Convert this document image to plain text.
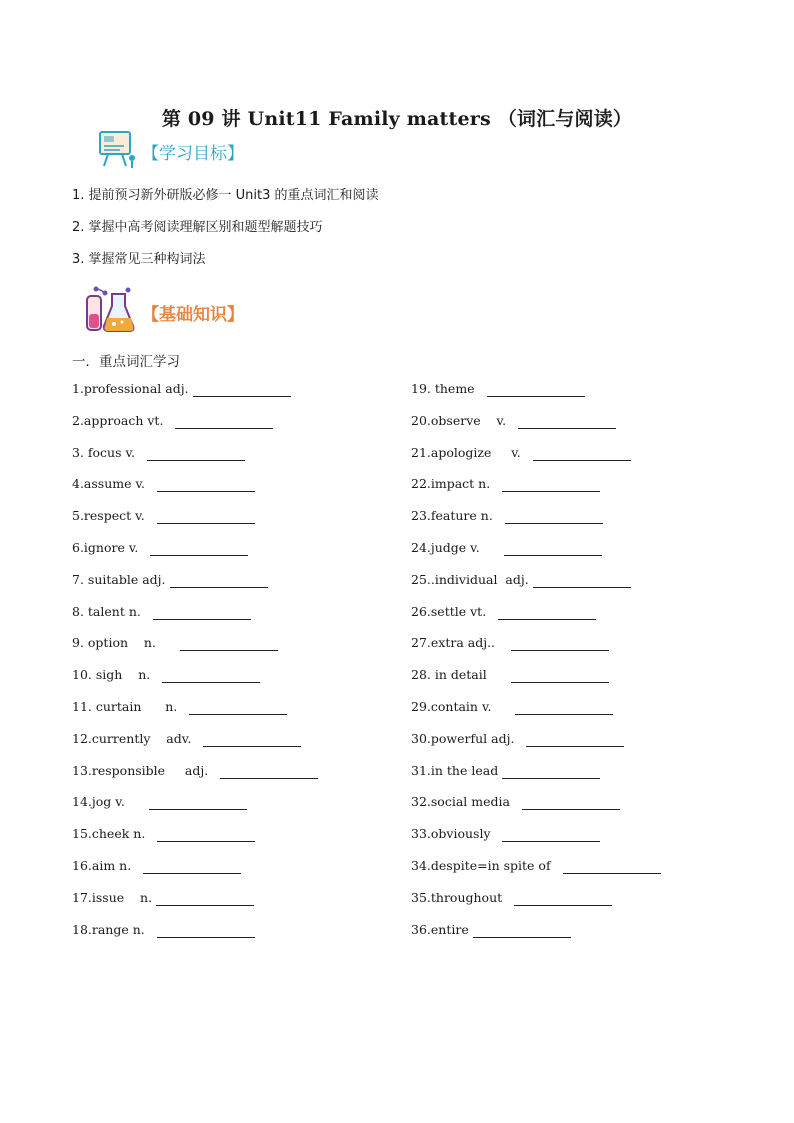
第 09 讲 Unit11 Family matters （词汇与阅读）
【学习目标】
1. 提前预习新外研版必修一 Unit3 的重点词汇和阅读
2. 掌握中高考阅读理解区别和题型解题技巧
3. 掌握常见三种构词法
【基础知识】
一．重点词汇学习
1.professional adj.
2.approach vt.
3. focus v.
4.assume v.
5.respect v.
6.ignore v.
7. suitable adj.
8. talent n.
9. option    n.
10. sigh    n.
11. curtain      n.
12.currently    adv.
13.responsible     adj.
14.jog v.
15.cheek n.
16.aim n.
17.issue    n.
18.range n.
19. theme
20.observe    v.
21.apologize     v.
22.impact n.
23.feature n.
24.judge v.
25..individual  adj.
26.settle vt.
27.extra adj..
28. in detail
29.contain v.
30.powerful adj.
31.in the lead
32.social media
33.obviously
34.despite=in spite of
35.throughout
36.entire
